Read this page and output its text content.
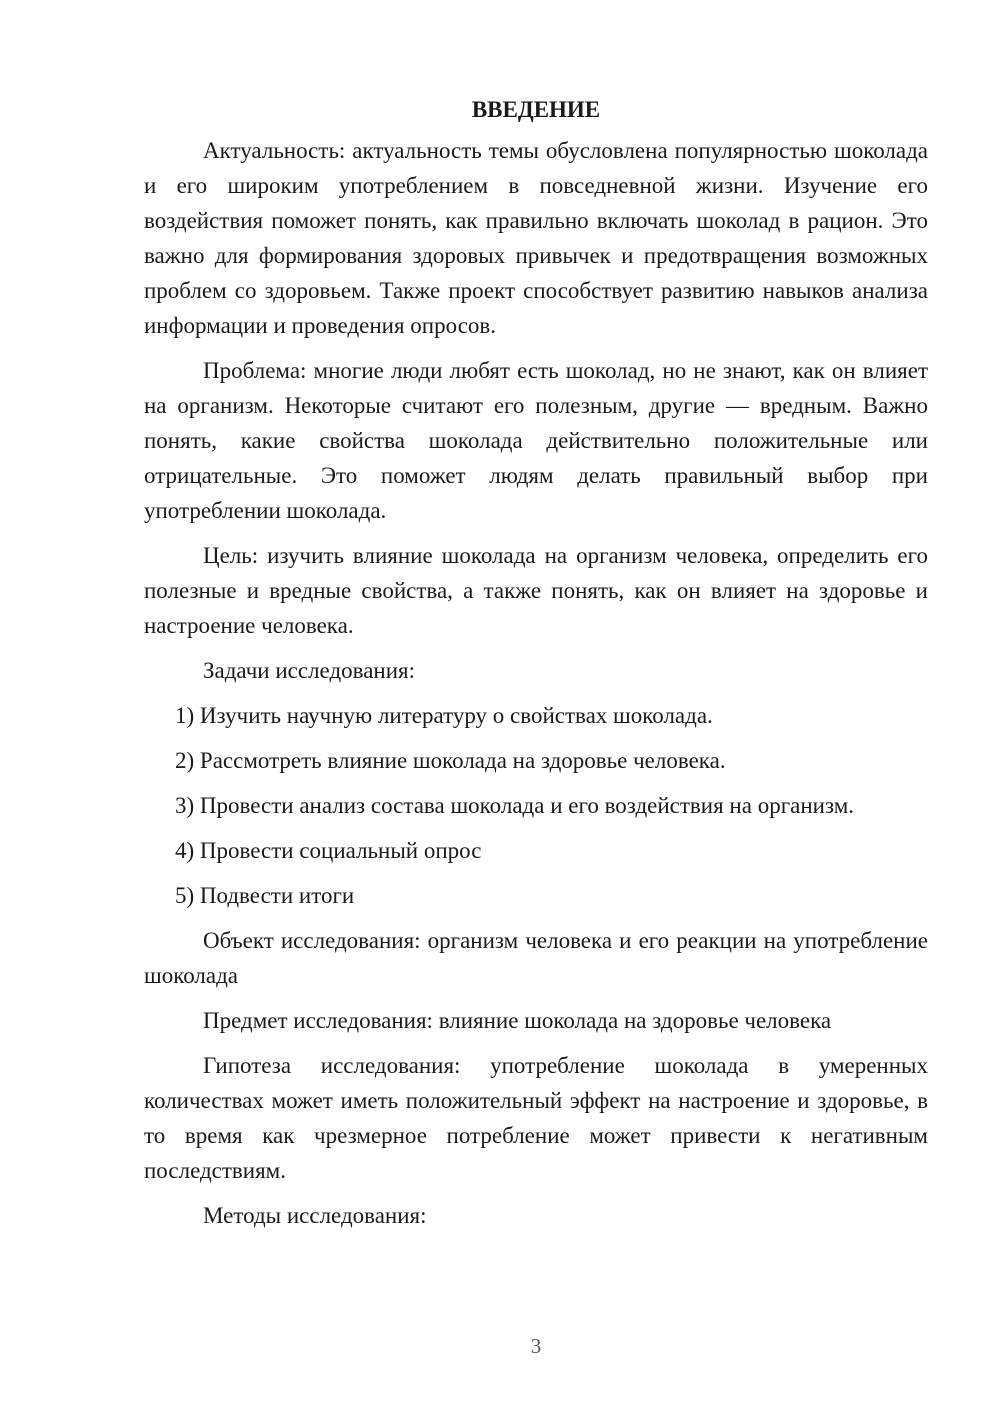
ВВЕДЕНИЕ

Актуальность: актуальность темы обусловлена популярностью шоколада и его широким употреблением в повседневной жизни. Изучение его воздействия поможет понять, как правильно включать шоколад в рацион. Это важно для формирования здоровых привычек и предотвращения возможных проблем со здоровьем. Также проект способствует развитию навыков анализа информации и проведения опросов.

Проблема: многие люди любят есть шоколад, но не знают, как он влияет на организм. Некоторые считают его полезным, другие — вредным. Важно понять, какие свойства шоколада действительно положительные или отрицательные. Это поможет людям делать правильный выбор при употреблении шоколада.

Цель: изучить влияние шоколада на организм человека, определить его полезные и вредные свойства, а также понять, как он влияет на здоровье и настроение человека.

Задачи исследования:

1) Изучить научную литературу о свойствах шоколада.
2) Рассмотреть влияние шоколада на здоровье человека.
3) Провести анализ состава шоколада и его воздействия на организм.
4) Провести социальный опрос
5) Подвести итоги

Объект исследования: организм человека и его реакции на употребление шоколада

Предмет исследования: влияние шоколада на здоровье человека

Гипотеза исследования: употребление шоколада в умеренных количествах может иметь положительный эффект на настроение и здоровье, в то время как чрезмерное потребление может привести к негативным последствиям.

Методы исследования:

3
